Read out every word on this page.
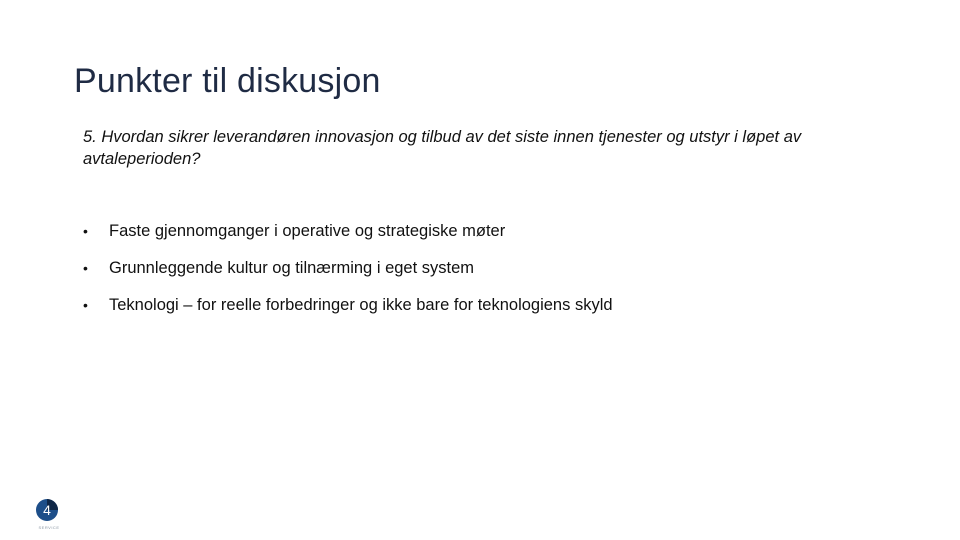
Punkter til diskusjon

5. Hvordan sikrer leverandøren innovasjon og tilbud av det siste innen tjenester og utstyr i løpet av avtaleperioden?

•	Faste gjennomganger i operative og strategiske møter
•	Grunnleggende kultur og tilnærming i eget system
•	Teknologi – for reelle forbedringer og ikke bare for teknologiens skyld
4
SERVICE
